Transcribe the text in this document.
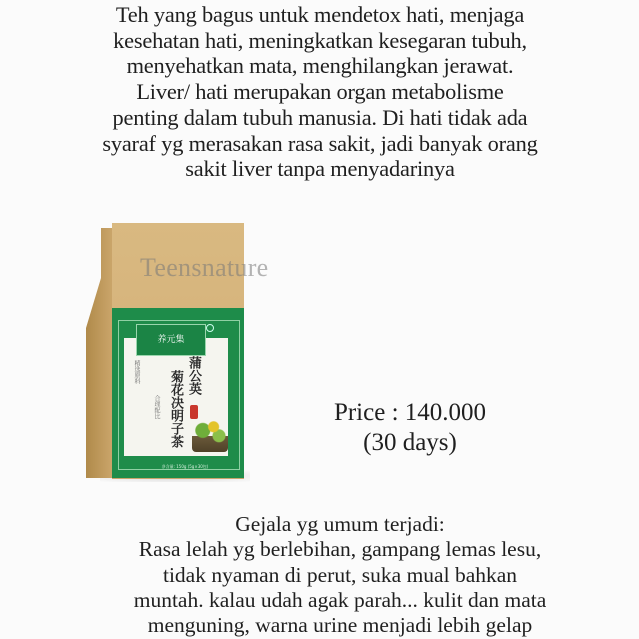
Teh yang bagus untuk mendetox hati, menjaga
kesehatan hati, meningkatkan kesegaran tubuh,
menyehatkan mata, menghilangkan jerawat.
Liver/ hati merupakan organ metabolisme
penting dalam tubuh manusia. Di hati tidak ada
syaraf yg merasakan rasa sakit, jadi banyak orang
sakit liver tanpa menyadarinya
养元集
蒲公英
菊花决明子茶
精选原料
合理配比
净含量: 150g (5g×30包)
Teensnature
Price : 140.000
(30 days)
Gejala yg umum terjadi:
Rasa lelah yg berlebihan, gampang lemas lesu,
tidak nyaman di perut, suka mual bahkan
muntah. kalau udah agak parah... kulit dan mata
menguning, warna urine menjadi lebih gelap
